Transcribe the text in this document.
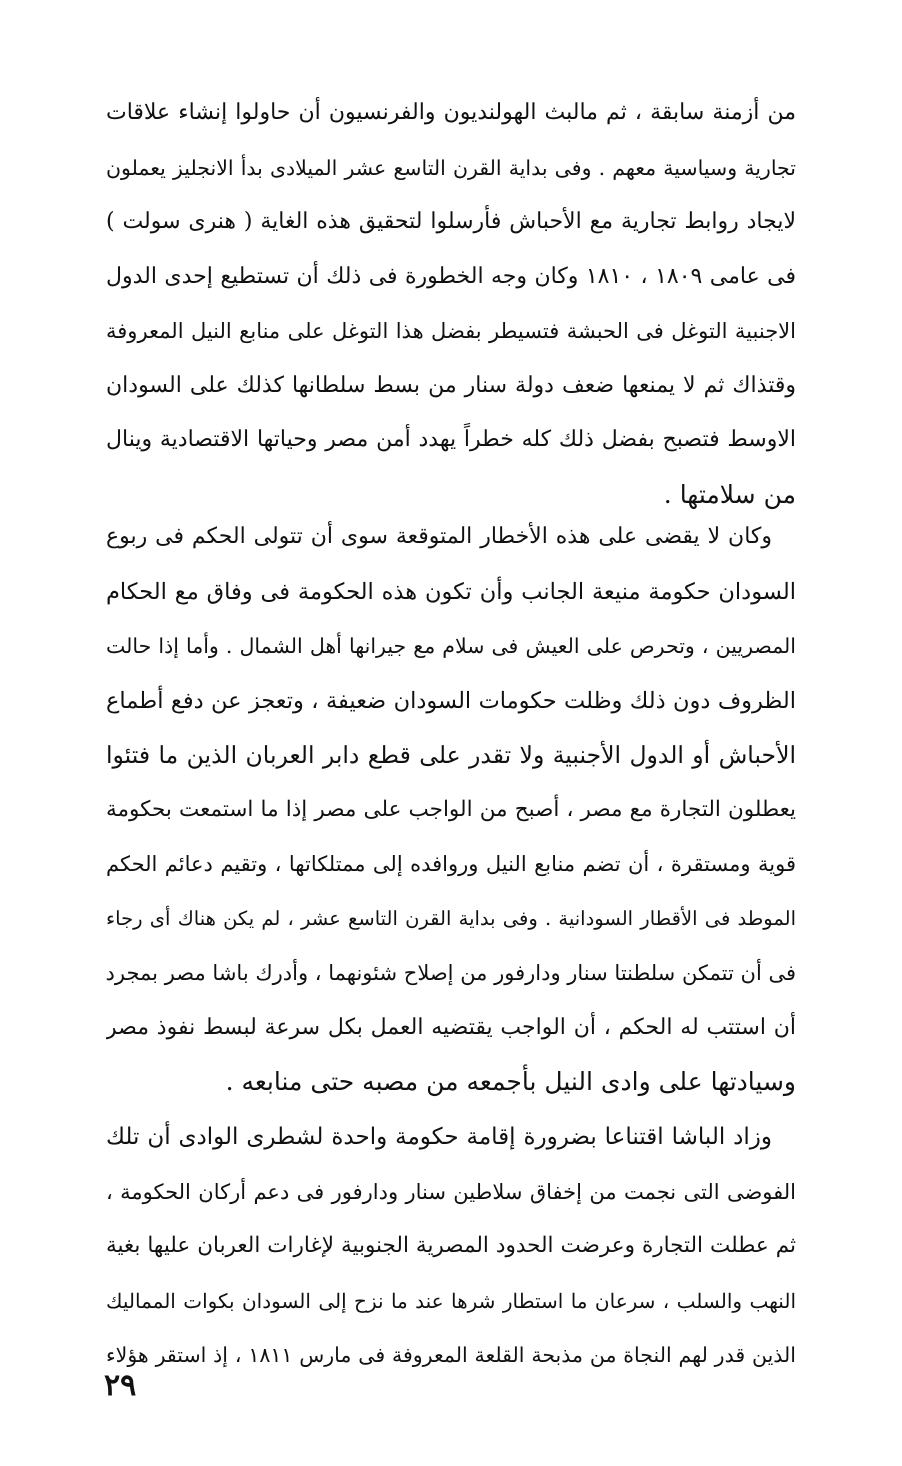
من أزمنة سابقة ، ثم مالبث الهولنديون والفرنسيون أن حاولوا إنشاء علاقات
تجارية وسياسية معهم . وفى بداية القرن التاسع عشر الميلادى بدأ الانجليز يعملون
لايجاد روابط تجارية مع الأحباش فأرسلوا لتحقيق هذه الغاية ( هنرى سولت )
فى عامى ١٨٠٩ ، ١٨١٠ وكان وجه الخطورة فى ذلك أن تستطيع إحدى الدول
الاجنبية التوغل فى الحبشة فتسيطر بفضل هذا التوغل على منابع النيل المعروفة
وقتذاك ثم لا يمنعها ضعف دولة سنار من بسط سلطانها كذلك على السودان
الاوسط فتصبح بفضل ذلك كله خطراً يهدد أمن مصر وحياتها الاقتصادية وينال
من سلامتها .
وكان لا يقضى على هذه الأخطار المتوقعة سوى أن تتولى الحكم فى ربوع
السودان حكومة منيعة الجانب وأن تكون هذه الحكومة فى وفاق مع الحكام
المصريين ، وتحرص على العيش فى سلام مع جيرانها أهل الشمال . وأما إذا حالت
الظروف دون ذلك وظلت حكومات السودان ضعيفة ، وتعجز عن دفع أطماع
الأحباش أو الدول الأجنبية ولا تقدر على قطع دابر العربان الذين ما فتئوا
يعطلون التجارة مع مصر ، أصبح من الواجب على مصر إذا ما استمعت بحكومة
قوية ومستقرة ، أن تضم منابع النيل وروافده إلى ممتلكاتها ، وتقيم دعائم الحكم
الموطد فى الأقطار السودانية . وفى بداية القرن التاسع عشر ، لم يكن هناك أى رجاء
فى أن تتمكن سلطنتا سنار ودارفور من إصلاح شئونهما ، وأدرك باشا مصر بمجرد
أن استتب له الحكم ، أن الواجب يقتضيه العمل بكل سرعة لبسط نفوذ مصر
وسيادتها على وادى النيل بأجمعه من مصبه حتى منابعه .
وزاد الباشا اقتناعا بضرورة إقامة حكومة واحدة لشطرى الوادى أن تلك
الفوضى التى نجمت من إخفاق سلاطين سنار ودارفور فى دعم أركان الحكومة ،
ثم عطلت التجارة وعرضت الحدود المصرية الجنوبية لإغارات العربان عليها بغية
النهب والسلب ، سرعان ما استطار شرها عند ما نزح إلى السودان بكوات المماليك
الذين قدر لهم النجاة من مذبحة القلعة المعروفة فى مارس ١٨١١ ، إذ استقر هؤلاء
٢٩
